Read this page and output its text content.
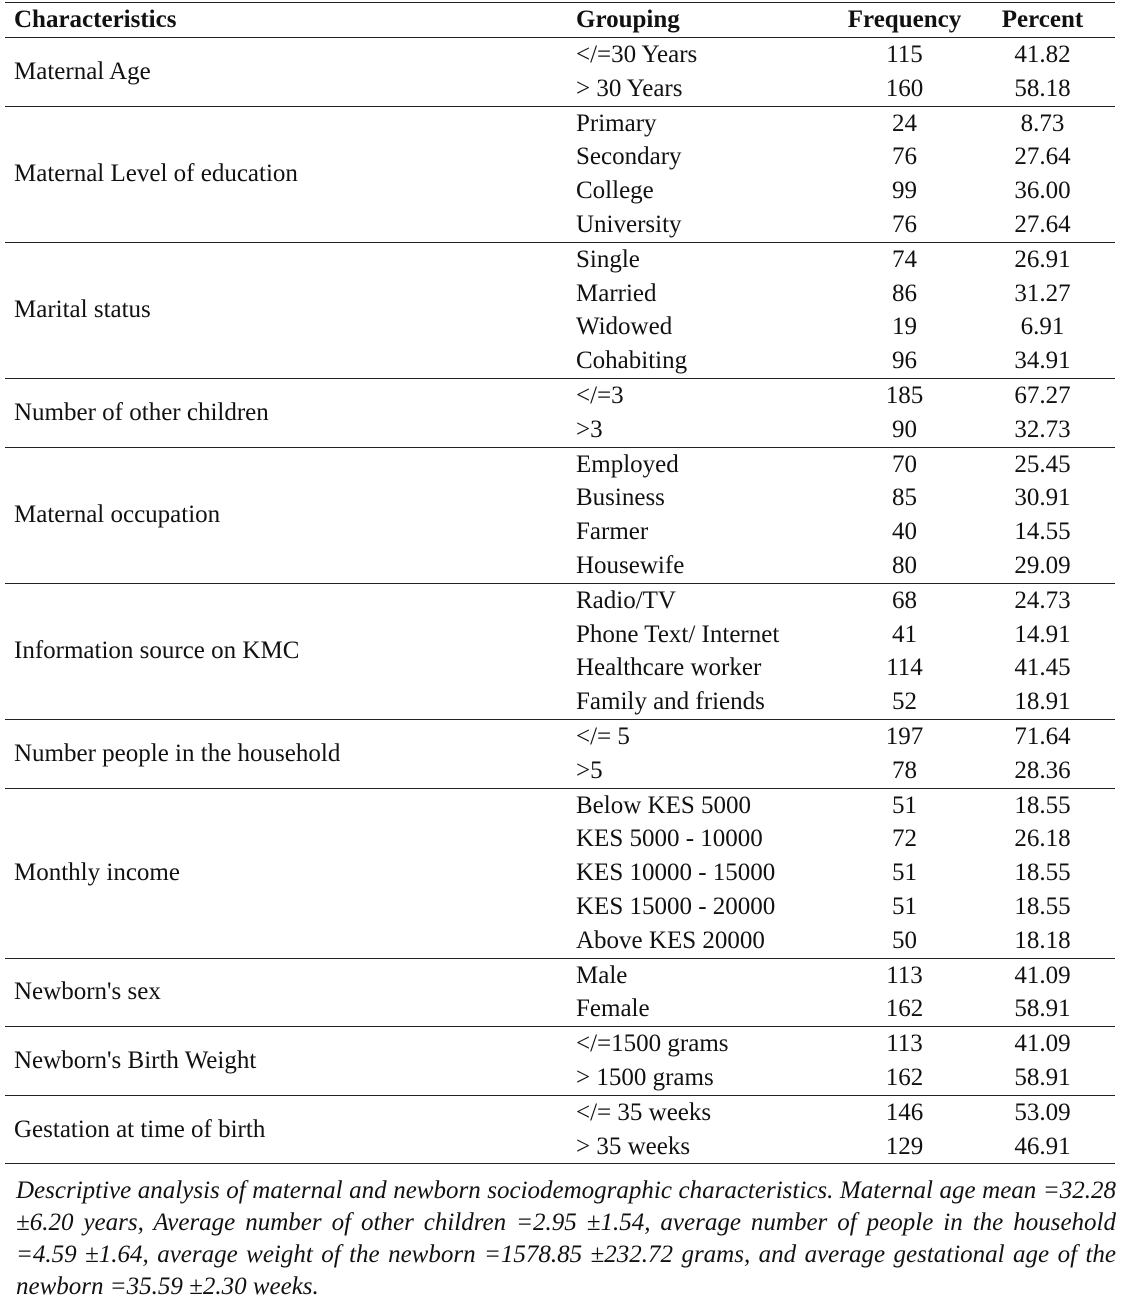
Characteristics	Grouping	Frequency	Percent
Maternal Age	</=30 Years	115	41.82
	> 30 Years	160	58.18
Maternal Level of education	Primary	24	8.73
	Secondary	76	27.64
	College	99	36.00
	University	76	27.64
Marital status	Single	74	26.91
	Married	86	31.27
	Widowed	19	6.91
	Cohabiting	96	34.91
Number of other children	</=3	185	67.27
	>3	90	32.73
Maternal occupation	Employed	70	25.45
	Business	85	30.91
	Farmer	40	14.55
	Housewife	80	29.09
Information source on KMC	Radio/TV	68	24.73
	Phone Text/ Internet	41	14.91
	Healthcare worker	114	41.45
	Family and friends	52	18.91
Number people in the household	</= 5	197	71.64
	>5	78	28.36
Monthly income	Below KES 5000	51	18.55
	KES 5000 - 10000	72	26.18
	KES 10000 - 15000	51	18.55
	KES 15000 - 20000	51	18.55
	Above KES 20000	50	18.18
Newborn's sex	Male	113	41.09
	Female	162	58.91
Newborn's Birth Weight	</=1500 grams	113	41.09
	> 1500 grams	162	58.91
Gestation at time of birth	</= 35 weeks	146	53.09
	> 35 weeks	129	46.91

Descriptive analysis of maternal and newborn sociodemographic characteristics. Maternal age mean =32.28 ±6.20 years, Average number of other children =2.95 ±1.54, average number of people in the household =4.59 ±1.64, average weight of the newborn =1578.85 ±232.72 grams, and average gestational age of the newborn =35.59 ±2.30 weeks.
